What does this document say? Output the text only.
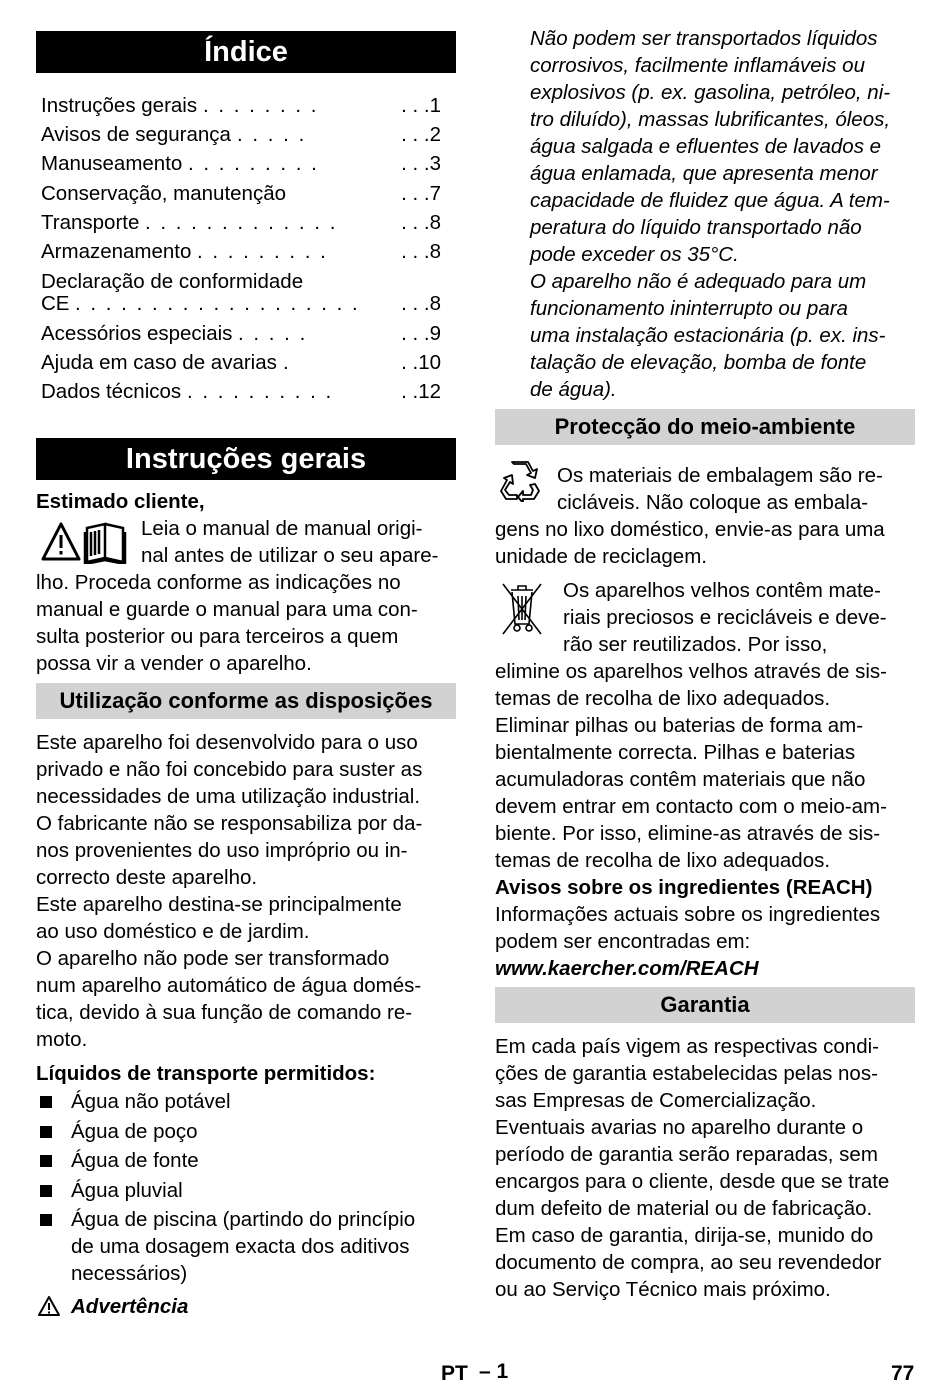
Índice
Instruções gerais . . . . . . . .	. . .1
Avisos de segurança . . . . .	. . .2
Manuseamento . . . . . . . . .	. . .3
Conservação, manutenção	. . .7
Transporte . . . . . . . . . . . . .	. . .8
Armazenamento . . . . . . . . .	. . .8
Declaração de conformidade
CE . . . . . . . . . . . . . . . . . . . . . .8
Acessórios especiais . . . . .	. . .9
Ajuda em caso de avarias .	. .10
Dados técnicos . . . . . . . . . .	. .12
Instruções gerais
Estimado cliente,
Leia o manual de manual origi-
nal antes de utilizar o seu apare-
lho. Proceda conforme as indicações no
manual e guarde o manual para uma con-
sulta posterior ou para terceiros a quem
possa vir a vender o aparelho.
Utilização conforme as disposições
Este aparelho foi desenvolvido para o uso
privado e não foi concebido para suster as
necessidades de uma utilização industrial.
O fabricante não se responsabiliza por da-
nos provenientes do uso impróprio ou in-
correcto deste aparelho.
Este aparelho destina-se principalmente
ao uso doméstico e de jardim.
O aparelho não pode ser transformado
num aparelho automático de água domés-
tica, devido à sua função de comando re-
moto.
Líquidos de transporte permitidos:
Água não potável
Água de poço
Água de fonte
Água pluvial
Água de piscina (partindo do princípio
de uma dosagem exacta dos aditivos
necessários)
Advertência
Não podem ser transportados líquidos
corrosivos, facilmente inflamáveis ou
explosivos (p. ex. gasolina, petróleo, ni-
tro diluído), massas lubrificantes, óleos,
água salgada e efluentes de lavados e
água enlamada, que apresenta menor
capacidade de fluidez que água. A tem-
peratura do líquido transportado não
pode exceder os 35°C.
O aparelho não é adequado para um
funcionamento ininterrupto ou para
uma instalação estacionária (p. ex. ins-
talação de elevação, bomba de fonte
de água).
Protecção do meio-ambiente
Os materiais de embalagem são re-
cicláveis. Não coloque as embala-
gens no lixo doméstico, envie-as para uma
unidade de reciclagem.
Os aparelhos velhos contêm mate-
riais preciosos e recicláveis e deve-
rão ser reutilizados. Por isso,
elimine os aparelhos velhos através de sis-
temas de recolha de lixo adequados.
Eliminar pilhas ou baterias de forma am-
bientalmente correcta. Pilhas e baterias
acumuladoras contêm materiais que não
devem entrar em contacto com o meio-am-
biente. Por isso, elimine-as através de sis-
temas de recolha de lixo adequados.
Avisos sobre os ingredientes (REACH)
Informações actuais sobre os ingredientes
podem ser encontradas em:
www.kaercher.com/REACH
Garantia
Em cada país vigem as respectivas condi-
ções de garantia estabelecidas pelas nos-
sas Empresas de Comercialização.
Eventuais avarias no aparelho durante o
período de garantia serão reparadas, sem
encargos para o cliente, desde que se trate
dum defeito de material ou de fabricação.
Em caso de garantia, dirija-se, munido do
documento de compra, ao seu revendedor
ou ao Serviço Técnico mais próximo.
PT – 1	77
